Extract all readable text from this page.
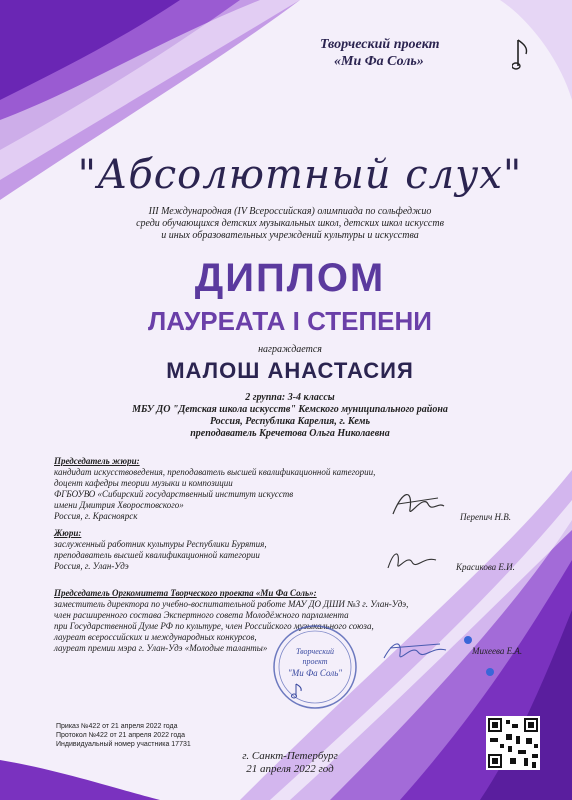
Творческий проект
«Ми Фа Соль»
"Абсолютный слух"
III Международная (IV Всероссийская) олимпиада по сольфеджио
среди обучающихся детских музыкальных школ, детских школ искусств
и иных образовательных учреждений культуры и искусства
ДИПЛОМ
ЛАУРЕАТА I СТЕПЕНИ
награждается
МАЛОШ АНАСТАСИЯ
2 группа: 3-4 классы
МБУ ДО "Детская школа искусств" Кемского муниципального района
Россия, Республика Карелия, г. Кемь
преподаватель Кречетова Ольга Николаевна
Председатель жюри:
кандидат искусствоведения, преподаватель высшей квалификационной категории,
доцент кафедры теории музыки и композиции
ФГБОУВО «Сибирский государственный институт искусств
имени Дмитрия Хворостовского»
Россия, г. Красноярск	Перепич Н.В.
Жюри:
заслуженный работник культуры Республики Бурятия,
преподаватель высшей квалификационной категории
Россия, г. Улан-Удэ	Красикова Е.И.
Председатель Оргкомитета Творческого проекта «Ми Фа Соль»:
заместитель директора по учебно-воспитательной работе МАУ ДО ДШИ №3 г. Улан-Удэ,
член расширенного состава Экспертного совета Молодёжного парламента
при Государственной Думе РФ по культуре, член Российского музыкального союза,
лауреат всероссийских и международных конкурсов,
лауреат премии мэра г. Улан-Удэ «Молодые таланты»	Творческий
проект
"Ми Фа Соль"
Михеева Е.А.
Приказ №422 от 21 апреля 2022 года
Протокол №422 от 21 апреля 2022 года
Индивидуальный номер участника 17731
г. Санкт-Петербург
21 апреля 2022 год
